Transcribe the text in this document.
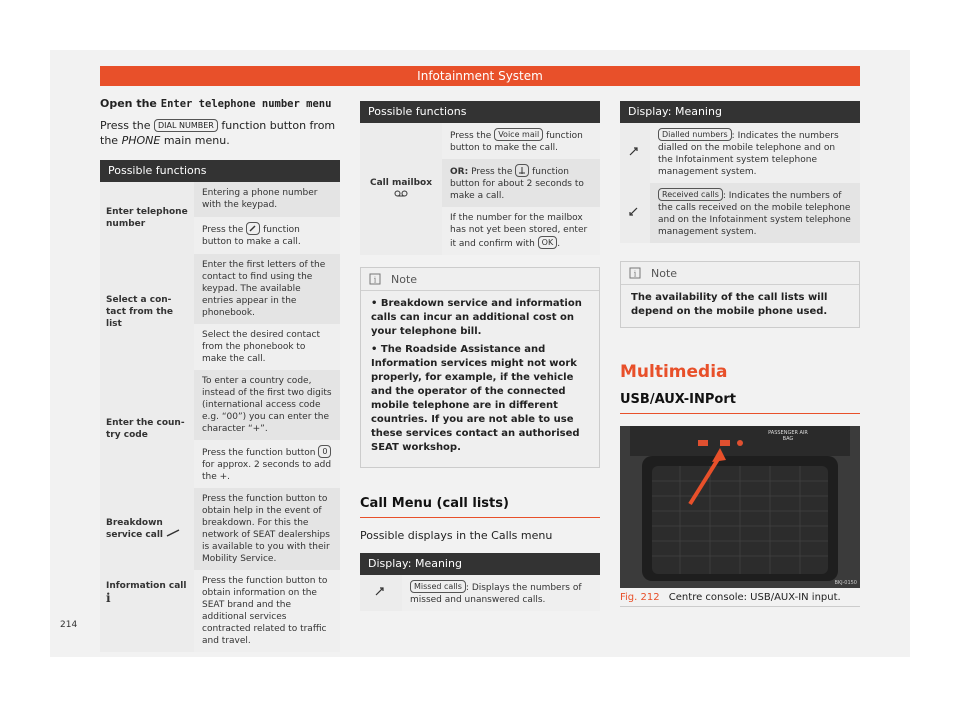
Infotainment System

Open the Enter telephone number menu

Press the DIAL NUMBER function button from
the PHONE main menu.

Possible functions
Enter telephone number	Entering a phone number with the keypad.
	Press the function button to make a call.
Select a con-
tact from the
list	Enter the first letters of the contact to find using the keypad. The available entries appear in the phonebook.
	Select the desired contact from the phonebook to make the call.
Enter the coun-
try code	To enter a country code, instead of the first two digits (international access code e.g. “00”) you can enter the character “+”.
	Press the function button 0 for approx. 2 seconds to add the +.
Breakdown service call	Press the function button to obtain help in the event of breakdown. For this the network of SEAT dealerships is available to you with their Mobility Service.
Information call
i	Press the function button to obtain information on the SEAT brand and the additional services contracted related to traffic and travel.
Possible functions
Call mailbox	Press the Voice mail function button to make the call.
OR: Press the function button for about 2 seconds to make a call.
If the number for the mailbox has not yet been stored, enter it and confirm with OK .
i Note

• Breakdown service and information calls can incur an additional cost on your telephone bill.

• The Roadside Assistance and Information services might not work properly, for example, if the vehicle and the operator of the connected mobile telephone are in different countries. If you are not able to use these services contact an authorised SEAT workshop.

Call Menu (call lists)

Possible displays in the Calls menu

Display: Meaning
	Missed calls : Displays the numbers of missed and unanswered calls.
Display: Meaning
	Dialled numbers : Indicates the numbers dialled on the mobile telephone and on the Infotainment system telephone management system.
	Received calls : Indicates the numbers of the calls received on the mobile telephone and on the Infotainment system telephone management system.
i Note
The availability of the call lists will depend on the mobile phone used.
Multimedia
USB/AUX-INPort
PASSENGER AIR BAG
BKJ-0150
Fig. 212 Centre console: USB/AUX-IN input.
214
